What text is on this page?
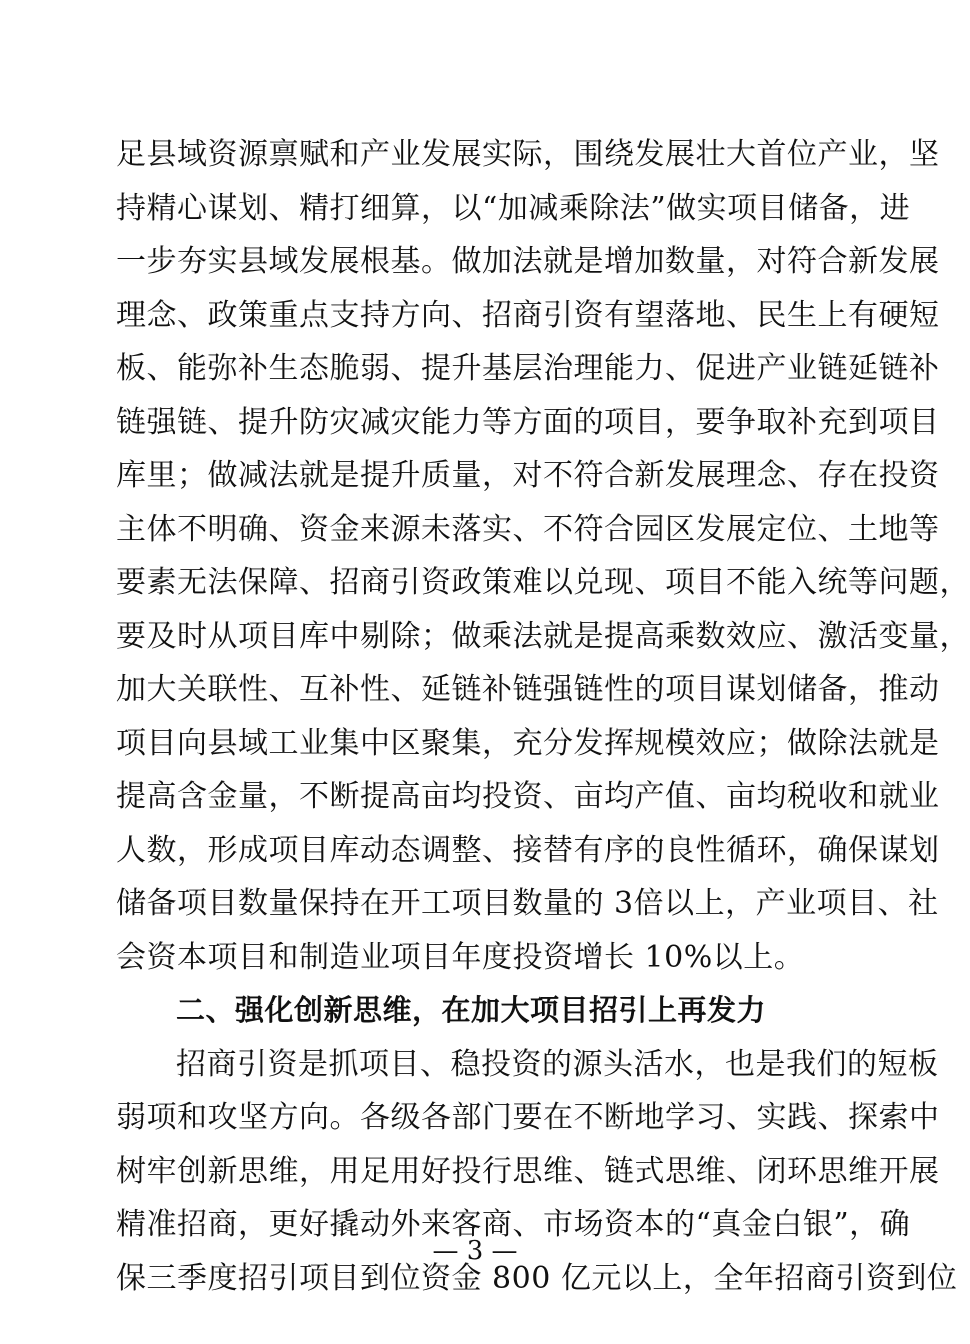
足县域资源禀赋和产业发展实际，围绕发展壮大首位产业，坚
持精心谋划、精打细算，以“加减乘除法”做实项目储备，进
一步夯实县域发展根基。做加法就是增加数量，对符合新发展
理念、政策重点支持方向、招商引资有望落地、民生上有硬短
板、能弥补生态脆弱、提升基层治理能力、促进产业链延链补
链强链、提升防灾减灾能力等方面的项目，要争取补充到项目
库里；做减法就是提升质量，对不符合新发展理念、存在投资
主体不明确、资金来源未落实、不符合园区发展定位、土地等
要素无法保障、招商引资政策难以兑现、项目不能入统等问题，
要及时从项目库中剔除；做乘法就是提高乘数效应、激活变量，
加大关联性、互补性、延链补链强链性的项目谋划储备，推动
项目向县域工业集中区聚集，充分发挥规模效应；做除法就是
提高含金量，不断提高亩均投资、亩均产值、亩均税收和就业
人数，形成项目库动态调整、接替有序的良性循环，确保谋划
储备项目数量保持在开工项目数量的 3倍以上，产业项目、社
会资本项目和制造业项目年度投资增长 10%以上。
二、强化创新思维，在加大项目招引上再发力
招商引资是抓项目、稳投资的源头活水，也是我们的短板
弱项和攻坚方向。各级各部门要在不断地学习、实践、探索中
树牢创新思维，用足用好投行思维、链式思维、闭环思维开展
精准招商，更好撬动外来客商、市场资本的“真金白银”，确
保三季度招引项目到位资金 800 亿元以上，全年招商引资到位
— 3 —
